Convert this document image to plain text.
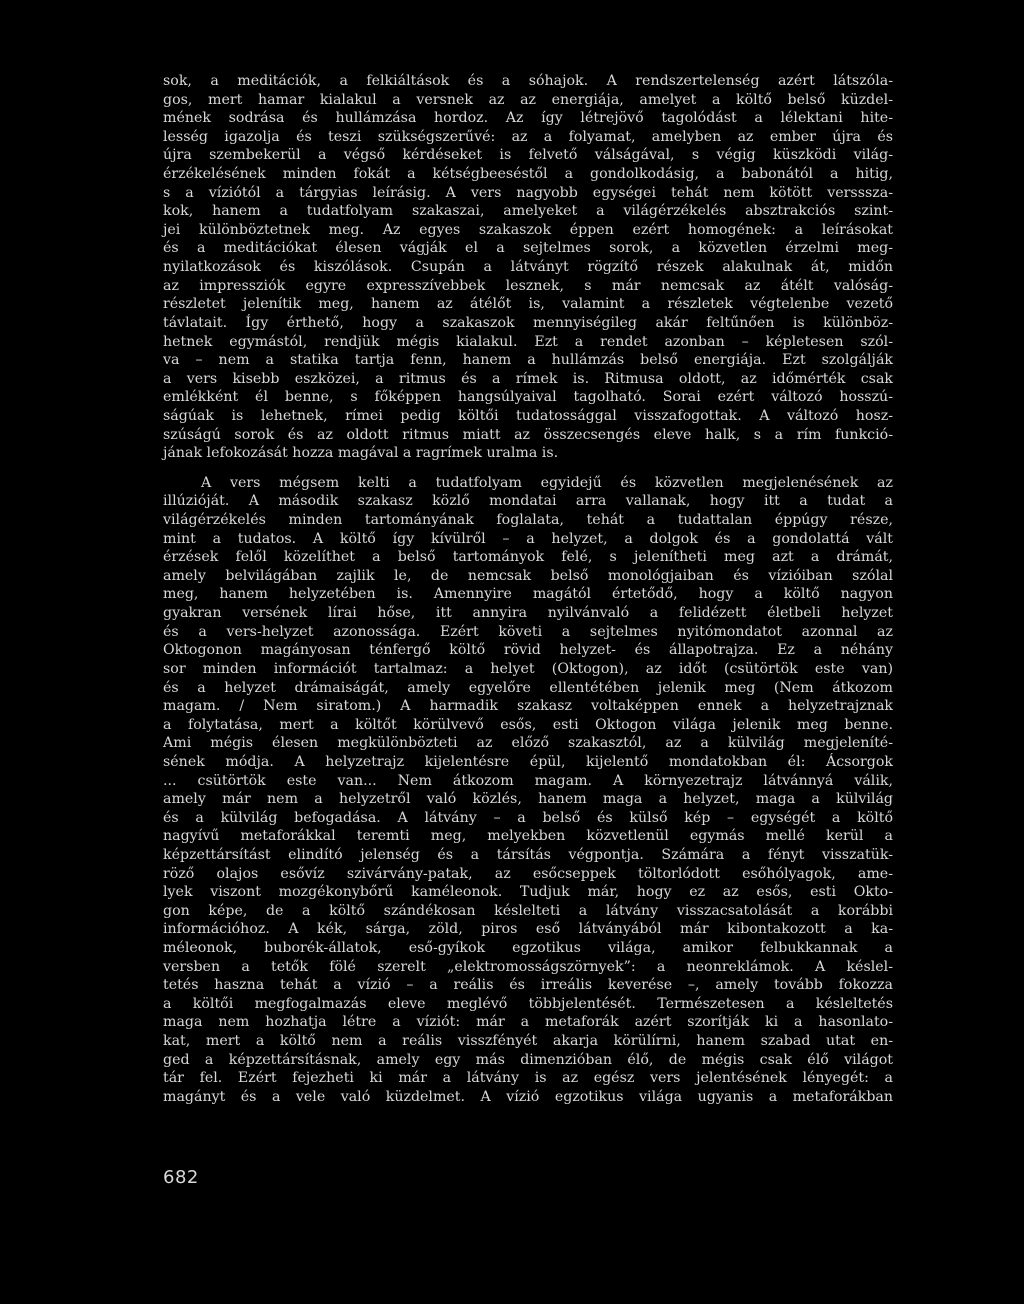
sok, a meditációk, a felkiáltások és a sóhajok. A rendszertelenség azért látszóla-
gos, mert hamar kialakul a versnek az az energiája, amelyet a költő belső küzdel-
mének sodrása és hullámzása hordoz. Az így létrejövő tagolódást a lélektani hite-
lesség igazolja és teszi szükségszerűvé: az a folyamat, amelyben az ember újra és
újra szembekerül a végső kérdéseket is felvető válságával, s végig küszködi világ-
érzékelésének minden fokát a kétségbeeséstől a gondolkodásig, a babonától a hitig,
s a víziótól a tárgyias leírásig. A vers nagyobb egységei tehát nem kötött versssza-
kok, hanem a tudatfolyam szakaszai, amelyeket a világérzékelés absztrakciós szint-
jei különböztetnek meg. Az egyes szakaszok éppen ezért homogének: a leírásokat
és a meditációkat élesen vágják el a sejtelmes sorok, a közvetlen érzelmi meg-
nyilatkozások és kiszólások. Csupán a látványt rögzítő részek alakulnak át, midőn
az impressziók egyre expresszívebbek lesznek, s már nemcsak az átélt valóság-
részletet jelenítik meg, hanem az átélőt is, valamint a részletek végtelenbe vezető
távlatait. Így érthető, hogy a szakaszok mennyiségileg akár feltűnően is különböz-
hetnek egymástól, rendjük mégis kialakul. Ezt a rendet azonban – képletesen szól-
va – nem a statika tartja fenn, hanem a hullámzás belső energiája. Ezt szolgálják
a vers kisebb eszközei, a ritmus és a rímek is. Ritmusa oldott, az időmérték csak
emlékként él benne, s főképpen hangsúlyaival tagolható. Sorai ezért változó hosszú-
ságúak is lehetnek, rímei pedig költői tudatossággal visszafogottak. A változó hosz-
szúságú sorok és az oldott ritmus miatt az összecsengés eleve halk, s a rím funkció-
jának lefokozását hozza magával a ragrímek uralma is.
A vers mégsem kelti a tudatfolyam egyidejű és közvetlen megjelenésének az
illúzióját. A második szakasz közlő mondatai arra vallanak, hogy itt a tudat a
világérzékelés minden tartományának foglalata, tehát a tudattalan éppúgy része,
mint a tudatos. A költő így kívülről – a helyzet, a dolgok és a gondolattá vált
érzések felől közelíthet a belső tartományok felé, s jelenítheti meg azt a drámát,
amely belvilágában zajlik le, de nemcsak belső monológjaiban és vízióiban szólal
meg, hanem helyzetében is. Amennyire magától értetődő, hogy a költő nagyon
gyakran versének lírai hőse, itt annyira nyilvánvaló a felidézett életbeli helyzet
és a vers-helyzet azonossága. Ezért követi a sejtelmes nyitómondatot azonnal az
Oktogonon magányosan ténfergő költő rövid helyzet- és állapotrajza. Ez a néhány
sor minden információt tartalmaz: a helyet (Oktogon), az időt (csütörtök este van)
és a helyzet drámaiságát, amely egyelőre ellentétében jelenik meg (Nem átkozom
magam. / Nem siratom.) A harmadik szakasz voltaképpen ennek a helyzetrajznak
a folytatása, mert a költőt körülvevő esős, esti Oktogon világa jelenik meg benne.
Ami mégis élesen megkülönbözteti az előző szakasztól, az a külvilág megjeleníté-
sének módja. A helyzetrajz kijelentésre épül, kijelentő mondatokban él: Ácsorgok
... csütörtök este van... Nem átkozom magam. A környezetrajz látvánnyá válik,
amely már nem a helyzetről való közlés, hanem maga a helyzet, maga a külvilág
és a külvilág befogadása. A látvány – a belső és külső kép – egységét a költő
nagyívű metaforákkal teremti meg, melyekben közvetlenül egymás mellé kerül a
képzettársítást elindító jelenség és a társítás végpontja. Számára a fényt visszatük-
röző olajos esővíz szivárvány-patak, az esőcseppek töltorlódott esőhólyagok, ame-
lyek viszont mozgékonybőrű kaméleonok. Tudjuk már, hogy ez az esős, esti Okto-
gon képe, de a költő szándékosan késlelteti a látvány visszacsatolását a korábbi
információhoz. A kék, sárga, zöld, piros eső látványából már kibontakozott a ka-
méleonok, buborék-állatok, eső-gyíkok egzotikus világa, amikor felbukkannak a
versben a tetők fölé szerelt „elektromosságszörnyek”: a neonreklámok. A késlel-
tetés haszna tehát a vízió – a reális és irreális keverése –, amely tovább fokozza
a költői megfogalmazás eleve meglévő többjelentését. Természetesen a késleltetés
maga nem hozhatja létre a víziót: már a metaforák azért szorítják ki a hasonlato-
kat, mert a költő nem a reális visszfényét akarja körülírni, hanem szabad utat en-
ged a képzettársításnak, amely egy más dimenzióban élő, de mégis csak élő világot
tár fel. Ezért fejezheti ki már a látvány is az egész vers jelentésének lényegét: a
magányt és a vele való küzdelmet. A vízió egzotikus világa ugyanis a metaforákban
682
